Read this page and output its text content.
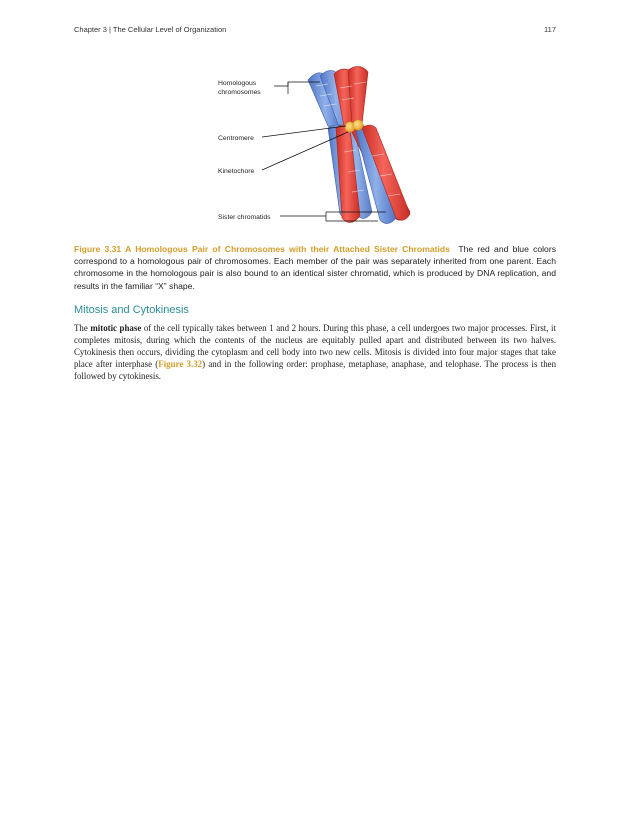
Chapter 3 | The Cellular Level of Organization	117
Homologous
chromosomes
Centromere
Kinetochore
Sister chromatids

Figure 3.31 A Homologous Pair of Chromosomes with their Attached Sister Chromatids The red and blue colors correspond to a homologous pair of chromosomes. Each member of the pair was separately inherited from one parent. Each chromosome in the homologous pair is also bound to an identical sister chromatid, which is produced by DNA replication, and results in the familiar “X” shape.

Mitosis and Cytokinesis

The mitotic phase of the cell typically takes between 1 and 2 hours. During this phase, a cell undergoes two major processes. First, it completes mitosis, during which the contents of the nucleus are equitably pulled apart and distributed between its two halves. Cytokinesis then occurs, dividing the cytoplasm and cell body into two new cells. Mitosis is divided into four major stages that take place after interphase (Figure 3.32) and in the following order: prophase, metaphase, anaphase, and telophase. The process is then followed by cytokinesis.
